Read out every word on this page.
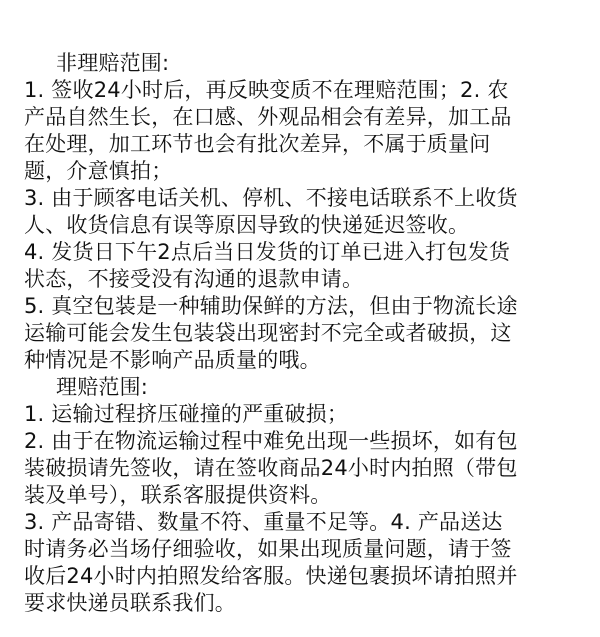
非理赔范围:
1. 签收24小时后，再反映变质不在理赔范围；2. 农
产品自然生长，在口感、外观品相会有差异，加工品
在处理，加工环节也会有批次差异，不属于质量问
题，介意慎拍；
3. 由于顾客电话关机、停机、不接电话联系不上收货
人、收货信息有误等原因导致的快递延迟签收。
4. 发货日下午2点后当日发货的订单已进入打包发货
状态，不接受没有沟通的退款申请。
5. 真空包装是一种辅助保鲜的方法，但由于物流长途
运输可能会发生包装袋出现密封不完全或者破损，这
种情况是不影响产品质量的哦。
理赔范围:
1. 运输过程挤压碰撞的严重破损；
2. 由于在物流运输过程中难免出现一些损坏，如有包
装破损请先签收，请在签收商品24小时内拍照（带包
装及单号），联系客服提供资料。
3. 产品寄错、数量不符、重量不足等。4. 产品送达
时请务必当场仔细验收，如果出现质量问题，请于签
收后24小时内拍照发给客服。快递包裹损坏请拍照并
要求快递员联系我们。
